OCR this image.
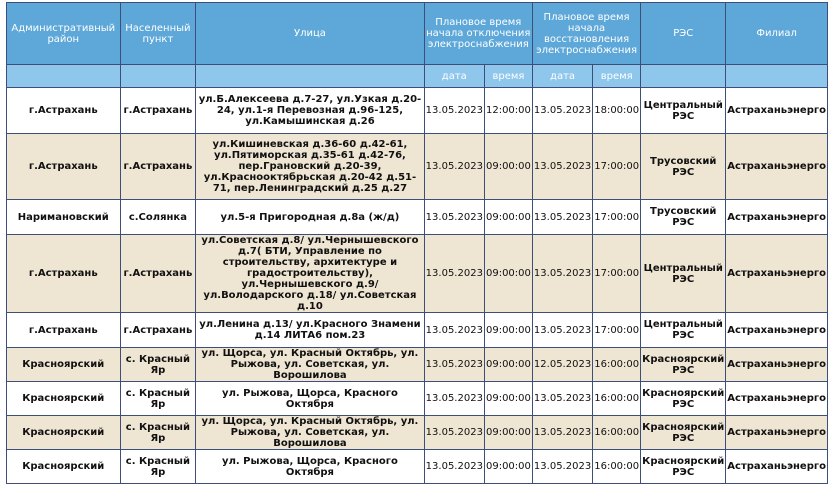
Административный район	Населенный пункт	Улица	Плановое время начала отключения электроснабжения		Плановое время начала восстановления электроснабжения		РЭС	Филиал
			дата	время	дата	время		
г.Астрахань	г.Астрахань	ул.Б.Алексеева д.7-27, ул.Узкая д.20-24, ул.1-я Перевозная д.96-125, ул.Камышинская д.26	13.05.2023	12:00:00	13.05.2023	18:00:00	Центральный РЭС	Астраханьэнерго
г.Астрахань	г.Астрахань	ул.Кишиневская д.36-60 д.42-61, ул.Пятиморская д.35-61 д.42-76, пер.Грановский д.20-39, ул.Краснооктябрьская д.20-42 д.51-71, пер.Ленинградский д.25 д.27	13.05.2023	09:00:00	13.05.2023	17:00:00	Трусовский РЭС	Астраханьэнерго
Наримановский	с.Солянка	ул.5-я Пригородная д.8а (ж/д)	13.05.2023	09:00:00	13.05.2023	17:00:00	Трусовский РЭС	Астраханьэнерго
г.Астрахань	г.Астрахань	ул.Советская д.8/ ул.Чернышевского д.7( БТИ, Управление по строительству, архитектуре и градостроительству), ул.Чернышевского д.9/ ул.Володарского д.18/ ул.Советская д.10	13.05.2023	09:00:00	13.05.2023	17:00:00	Центральный РЭС	Астраханьэнерго
г.Астрахань	г.Астрахань	ул.Ленина д.13/ ул.Красного Знамени д.14 ЛИТА6 пом.23	13.05.2023	09:00:00	13.05.2023	17:00:00	Центральный РЭС	Астраханьэнерго
Красноярский	с. Красный Яр	ул. Щорса, ул. Красный Октябрь, ул. Рыжова, ул. Советская, ул. Ворошилова	13.05.2023	09:00:00	12.05.2023	16:00:00	Красноярский РЭС	Астраханьэнерго
Красноярский	с. Красный Яр	ул. Рыжова, Щорса, Красного Октября	13.05.2023	09:00:00	13.05.2023	16:00:00	Красноярский РЭС	Астраханьэнерго
Красноярский	с. Красный Яр	ул. Щорса, ул. Красный Октябрь, ул. Рыжова, ул. Советская, ул. Ворошилова	13.05.2023	09:00:00	13.05.2023	16:00:00	Красноярский РЭС	Астраханьэнерго
Красноярский	с. Красный Яр	ул. Рыжова, Щорса, Красного Октября	13.05.2023	09:00:00	13.05.2023	16:00:00	Красноярский РЭС	Астраханьэнерго
